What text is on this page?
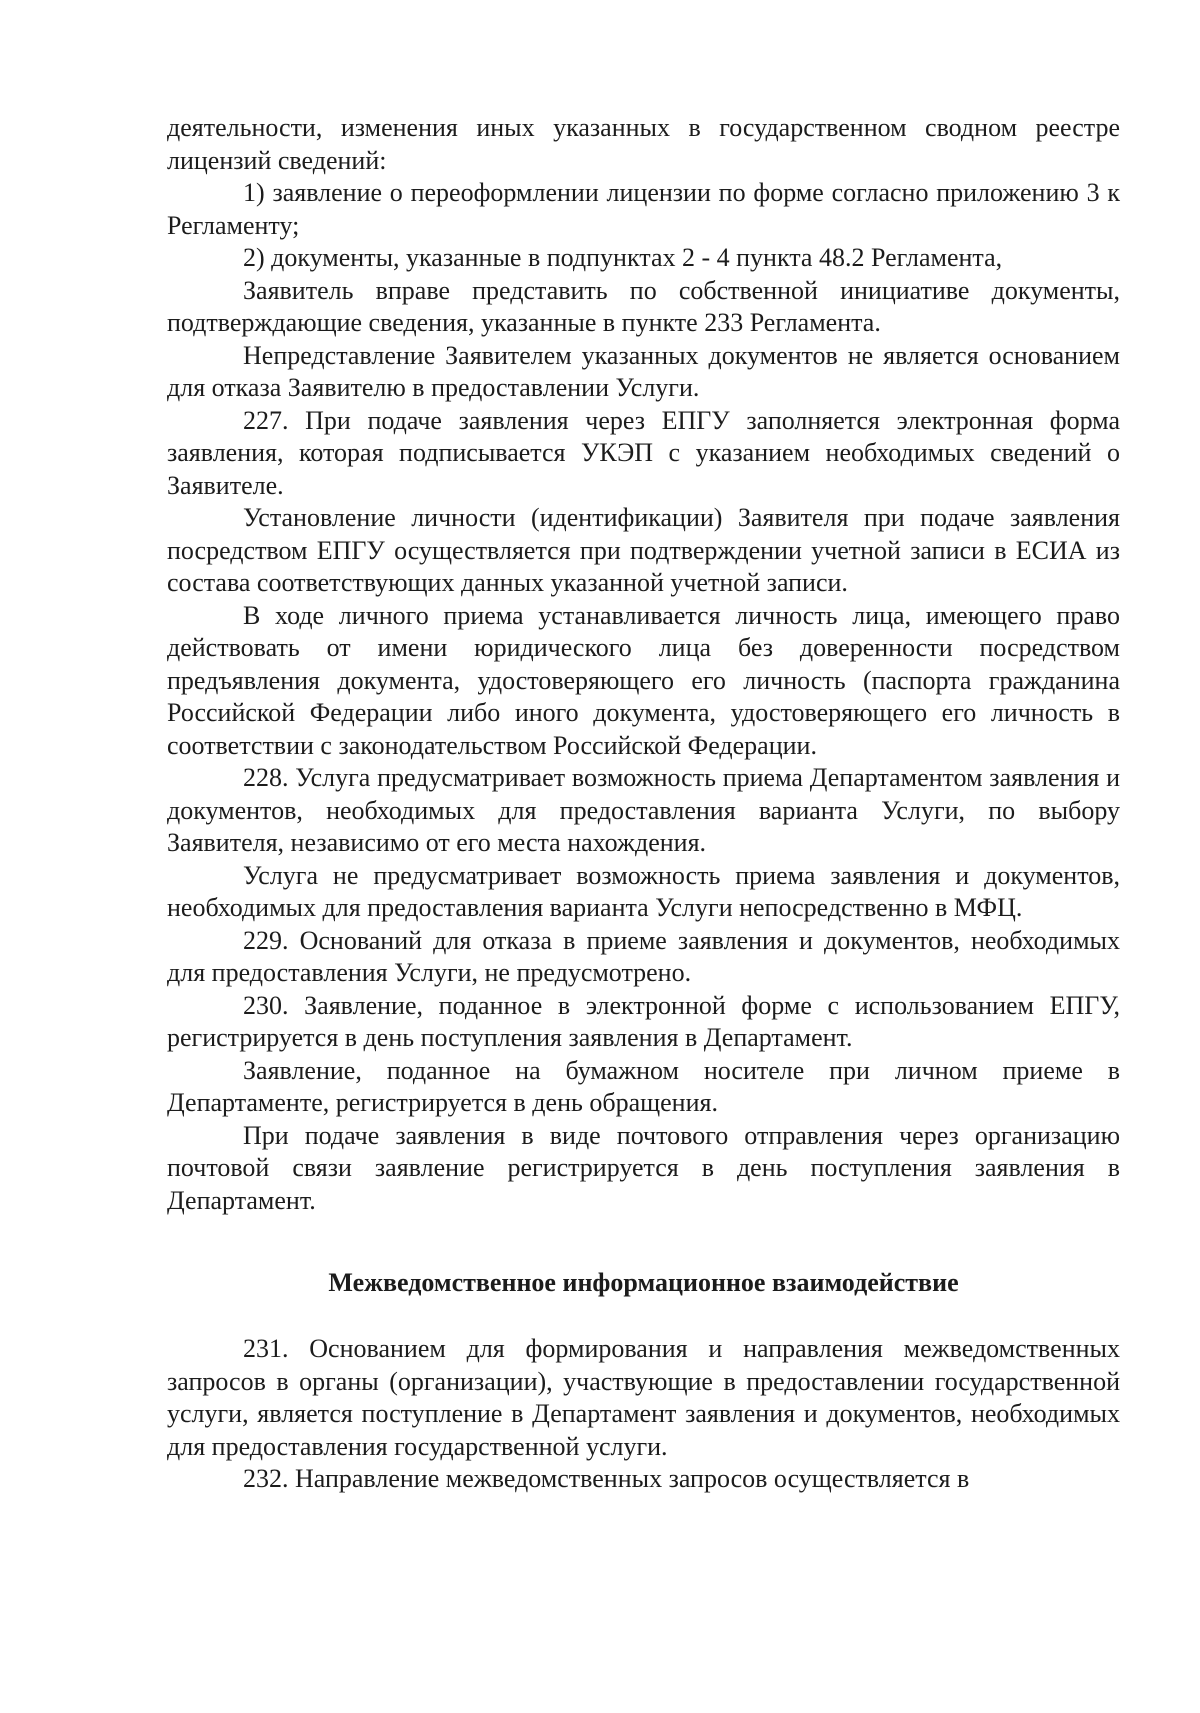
деятельности, изменения иных указанных в государственном сводном реестре лицензий сведений:

1) заявление о переоформлении лицензии по форме согласно приложению 3 к Регламенту;

2) документы, указанные в подпунктах 2 - 4 пункта 48.2 Регламента,

Заявитель вправе представить по собственной инициативе документы, подтверждающие сведения, указанные в пункте 233 Регламента.

Непредставление Заявителем указанных документов не является основанием для отказа Заявителю в предоставлении Услуги.

227. При подаче заявления через ЕПГУ заполняется электронная форма заявления, которая подписывается УКЭП с указанием необходимых сведений о Заявителе.

Установление личности (идентификации) Заявителя при подаче заявления посредством ЕПГУ осуществляется при подтверждении учетной записи в ЕСИА из состава соответствующих данных указанной учетной записи.

В ходе личного приема устанавливается личность лица, имеющего право действовать от имени юридического лица без доверенности посредством предъявления документа, удостоверяющего его личность (паспорта гражданина Российской Федерации либо иного документа, удостоверяющего его личность в соответствии с законодательством Российской Федерации.

228. Услуга предусматривает возможность приема Департаментом заявления и документов, необходимых для предоставления варианта Услуги, по выбору Заявителя, независимо от его места нахождения.

Услуга не предусматривает возможность приема заявления и документов, необходимых для предоставления варианта Услуги непосредственно в МФЦ.

229. Оснований для отказа в приеме заявления и документов, необходимых для предоставления Услуги, не предусмотрено.

230. Заявление, поданное в электронной форме с использованием ЕПГУ, регистрируется в день поступления заявления в Департамент.

Заявление, поданное на бумажном носителе при личном приеме в Департаменте, регистрируется в день обращения.

При подаче заявления в виде почтового отправления через организацию почтовой связи заявление регистрируется в день поступления заявления в Департамент.

Межведомственное информационное взаимодействие

231. Основанием для формирования и направления межведомственных запросов в органы (организации), участвующие в предоставлении государственной услуги, является поступление в Департамент заявления и документов, необходимых для предоставления государственной услуги.

232. Направление межведомственных запросов осуществляется в
